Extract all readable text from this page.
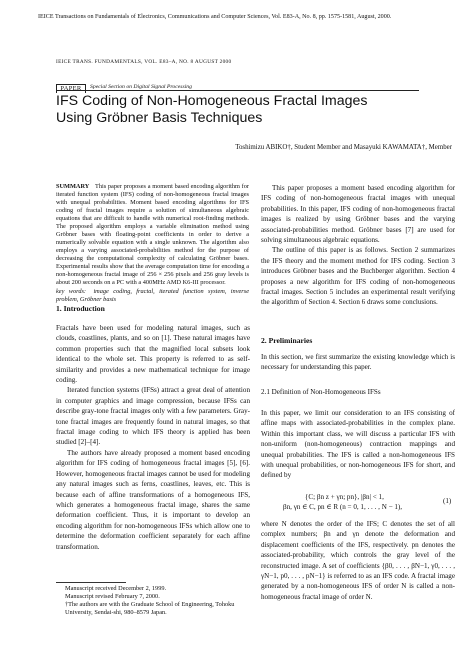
IEICE Transactions on Fundamentals of Electronics, Communications and Computer Sciences, Vol. E83-A, No. 8, pp. 1575-1581, August, 2000.
IEICE TRANS. FUNDAMENTALS, VOL. E83–A, NO. 8 AUGUST 2000
PAPER	Special Section on Digital Signal Processing
IFS Coding of Non-Homogeneous Fractal Images
Using Gröbner Basis Techniques
Toshimizu ABIKO†, Student Member and Masayuki KAWAMATA†, Member
SUMMARY This paper proposes a moment based encoding algorithm for iterated function system (IFS) coding of non-homogeneous fractal images with unequal probabilities. Moment based encoding algorithms for IFS coding of fractal images require a solution of simultaneous algebraic equations that are difficult to handle with numerical root-finding methods. The proposed algorithm employs a variable elimination method using Gröbner bases with floating-point coefficients in order to derive a numerically solvable equation with a single unknown. The algorithm also employs a varying associated-probabilities method for the purpose of decreasing the computational complexity of calculating Gröbner bases. Experimental results show that the average computation time for encoding a non-homogeneous fractal image of 256 × 256 pixels and 256 gray levels is about 200 seconds on a PC with a 400MHz AMD K6-III processor.
key words: image coding, fractal, iterated function system, inverse problem, Gröbner basis
1. Introduction

Fractals have been used for modeling natural images, such as clouds, coastlines, plants, and so on [1]. These natural images have common properties such that the magnified local subsets look identical to the whole set. This property is referred to as self-similarity and provides a new mathematical technique for image coding.

Iterated function systems (IFSs) attract a great deal of attention in computer graphics and image compression, because IFSs can describe gray-tone fractal images only with a few parameters. Gray-tone fractal images are frequently found in natural images, so that fractal image coding to which IFS theory is applied has been studied [2]–[4].

The authors have already proposed a moment based encoding algorithm for IFS coding of homogeneous fractal images [5], [6]. However, homogeneous fractal images cannot be used for modeling any natural images such as ferns, coastlines, leaves, etc. This is because each of affine transformations of a homogeneous IFS, which generates a homogeneous fractal image, shares the same deformation coefficient. Thus, it is important to develop an encoding algorithm for non-homogeneous IFSs which allow one to determine the deformation coefficient separately for each affine transformation.

Manuscript received December 2, 1999.
Manuscript revised February 7, 2000.
†The authors are with the Graduate School of Engineering, Tohoku University, Sendai-shi, 980–8579 Japan.

This paper proposes a moment based encoding algorithm for IFS coding of non-homogeneous fractal images with unequal probabilities. In this paper, IFS coding of non-homogeneous fractal images is realized by using Gröbner bases and the varying associated-probabilities method. Gröbner bases [7] are used for solving simultaneous algebraic equations.

The outline of this paper is as follows. Section 2 summarizes the IFS theory and the moment method for IFS coding. Section 3 introduces Gröbner bases and the Buchberger algorithm. Section 4 proposes a new algorithm for IFS coding of non-homogeneous fractal images. Section 5 includes an experimental result verifying the algorithm of Section 4. Section 6 draws some conclusions.

2. Preliminaries
In this section, we first summarize the existing knowledge which is necessary for understanding this paper.
2.1 Definition of Non-Homogeneous IFSs
In this paper, we limit our consideration to an IFS consisting of affine maps with associated-probabilities in the complex plane. Within this important class, we will discuss a particular IFS with non-uniform (non-homogeneous) contraction mappings and unequal probabilities. The IFS is called a non-homogeneous IFS with unequal probabilities, or non-homogeneous IFS for short, and defined by
{C; βn z + γn; pn}, |βn| < 1,
βn, γn ∈ C, pn ∈ R (n = 0, 1, . . . , N − 1),
(1)
where N denotes the order of the IFS; C denotes the set of all complex numbers; βn and γn denote the deformation and displacement coefficients of the IFS, respectively. pn denotes the associated-probability, which controls the gray level of the reconstructed image. A set of coefficients {β0, . . . , βN−1, γ0, . . . , γN−1, p0, . . . , pN−1} is referred to as an IFS code. A fractal image generated by a non-homogeneous IFS of order N is called a non-homogeneous fractal image of order N.
